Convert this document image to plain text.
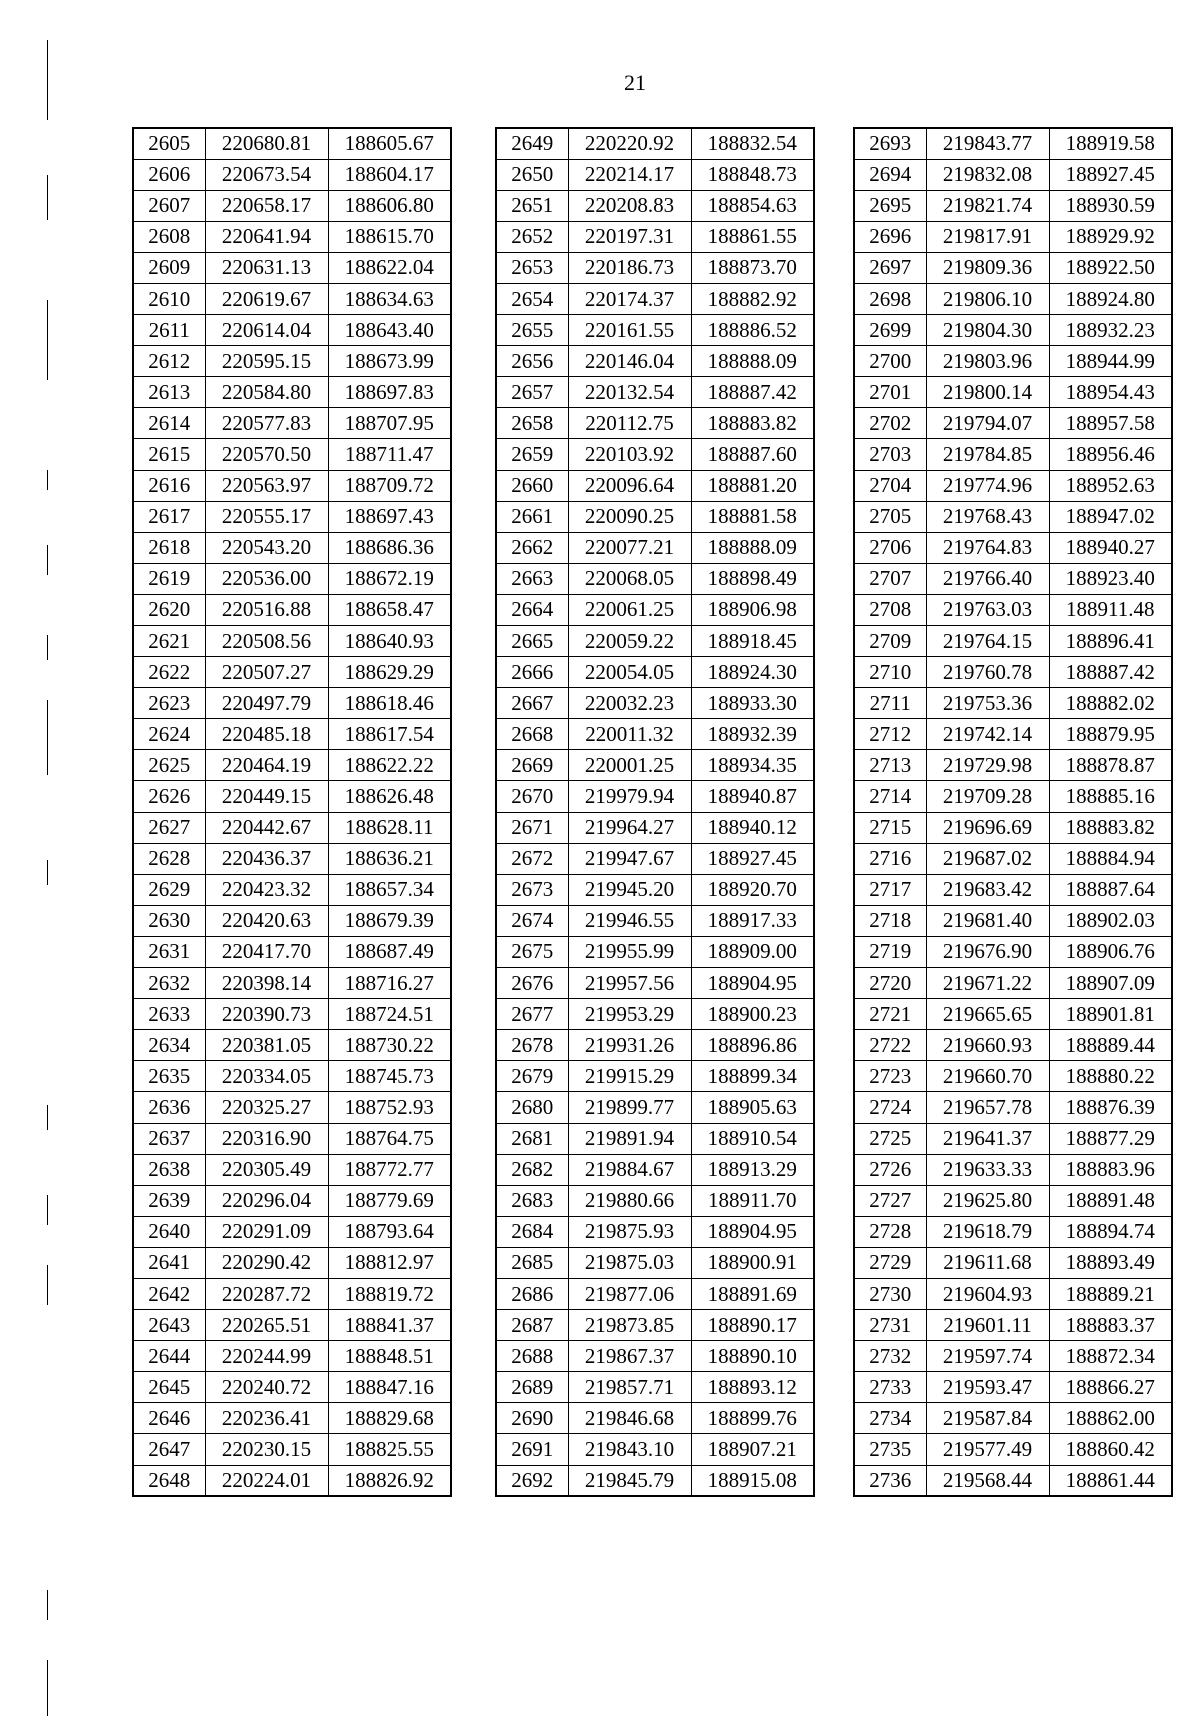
21
2605	220680.81	188605.67
2606	220673.54	188604.17
2607	220658.17	188606.80
2608	220641.94	188615.70
2609	220631.13	188622.04
2610	220619.67	188634.63
2611	220614.04	188643.40
2612	220595.15	188673.99
2613	220584.80	188697.83
2614	220577.83	188707.95
2615	220570.50	188711.47
2616	220563.97	188709.72
2617	220555.17	188697.43
2618	220543.20	188686.36
2619	220536.00	188672.19
2620	220516.88	188658.47
2621	220508.56	188640.93
2622	220507.27	188629.29
2623	220497.79	188618.46
2624	220485.18	188617.54
2625	220464.19	188622.22
2626	220449.15	188626.48
2627	220442.67	188628.11
2628	220436.37	188636.21
2629	220423.32	188657.34
2630	220420.63	188679.39
2631	220417.70	188687.49
2632	220398.14	188716.27
2633	220390.73	188724.51
2634	220381.05	188730.22
2635	220334.05	188745.73
2636	220325.27	188752.93
2637	220316.90	188764.75
2638	220305.49	188772.77
2639	220296.04	188779.69
2640	220291.09	188793.64
2641	220290.42	188812.97
2642	220287.72	188819.72
2643	220265.51	188841.37
2644	220244.99	188848.51
2645	220240.72	188847.16
2646	220236.41	188829.68
2647	220230.15	188825.55
2648	220224.01	188826.92
2649	220220.92	188832.54
2650	220214.17	188848.73
2651	220208.83	188854.63
2652	220197.31	188861.55
2653	220186.73	188873.70
2654	220174.37	188882.92
2655	220161.55	188886.52
2656	220146.04	188888.09
2657	220132.54	188887.42
2658	220112.75	188883.82
2659	220103.92	188887.60
2660	220096.64	188881.20
2661	220090.25	188881.58
2662	220077.21	188888.09
2663	220068.05	188898.49
2664	220061.25	188906.98
2665	220059.22	188918.45
2666	220054.05	188924.30
2667	220032.23	188933.30
2668	220011.32	188932.39
2669	220001.25	188934.35
2670	219979.94	188940.87
2671	219964.27	188940.12
2672	219947.67	188927.45
2673	219945.20	188920.70
2674	219946.55	188917.33
2675	219955.99	188909.00
2676	219957.56	188904.95
2677	219953.29	188900.23
2678	219931.26	188896.86
2679	219915.29	188899.34
2680	219899.77	188905.63
2681	219891.94	188910.54
2682	219884.67	188913.29
2683	219880.66	188911.70
2684	219875.93	188904.95
2685	219875.03	188900.91
2686	219877.06	188891.69
2687	219873.85	188890.17
2688	219867.37	188890.10
2689	219857.71	188893.12
2690	219846.68	188899.76
2691	219843.10	188907.21
2692	219845.79	188915.08
2693	219843.77	188919.58
2694	219832.08	188927.45
2695	219821.74	188930.59
2696	219817.91	188929.92
2697	219809.36	188922.50
2698	219806.10	188924.80
2699	219804.30	188932.23
2700	219803.96	188944.99
2701	219800.14	188954.43
2702	219794.07	188957.58
2703	219784.85	188956.46
2704	219774.96	188952.63
2705	219768.43	188947.02
2706	219764.83	188940.27
2707	219766.40	188923.40
2708	219763.03	188911.48
2709	219764.15	188896.41
2710	219760.78	188887.42
2711	219753.36	188882.02
2712	219742.14	188879.95
2713	219729.98	188878.87
2714	219709.28	188885.16
2715	219696.69	188883.82
2716	219687.02	188884.94
2717	219683.42	188887.64
2718	219681.40	188902.03
2719	219676.90	188906.76
2720	219671.22	188907.09
2721	219665.65	188901.81
2722	219660.93	188889.44
2723	219660.70	188880.22
2724	219657.78	188876.39
2725	219641.37	188877.29
2726	219633.33	188883.96
2727	219625.80	188891.48
2728	219618.79	188894.74
2729	219611.68	188893.49
2730	219604.93	188889.21
2731	219601.11	188883.37
2732	219597.74	188872.34
2733	219593.47	188866.27
2734	219587.84	188862.00
2735	219577.49	188860.42
2736	219568.44	188861.44
